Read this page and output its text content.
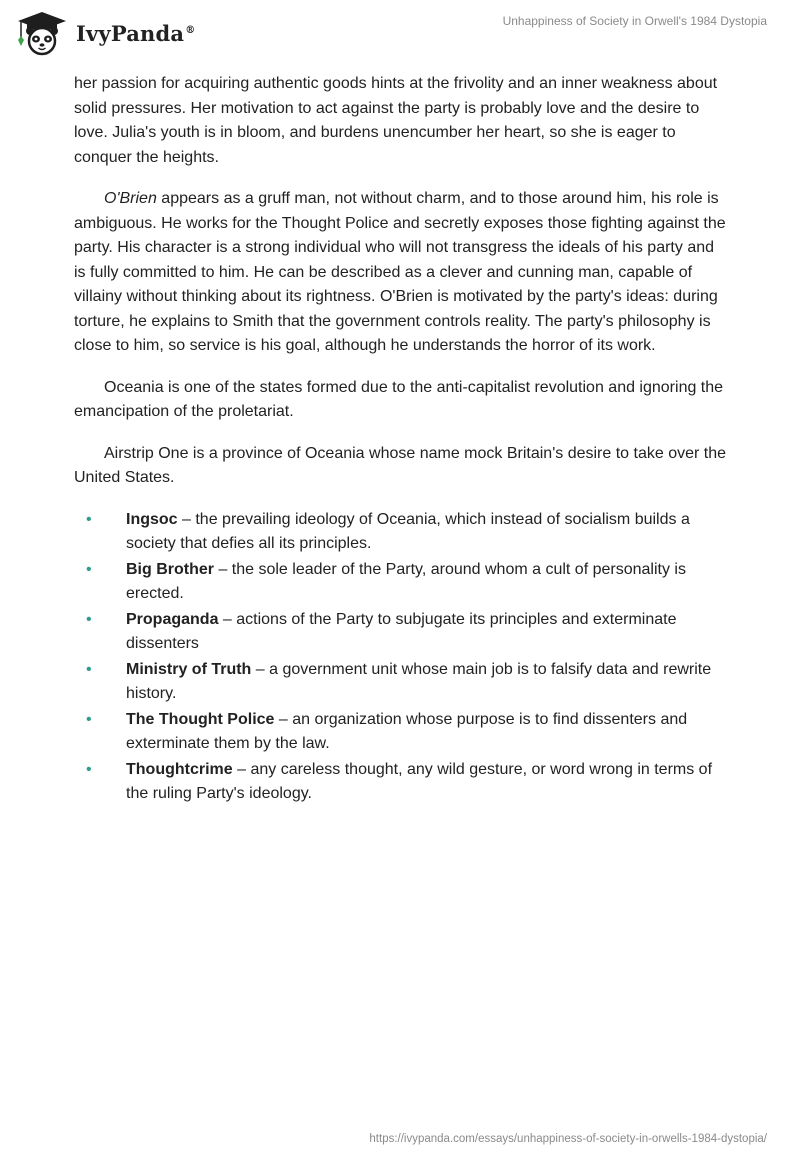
IvyPanda®
Unhappiness of Society in Orwell's 1984 Dystopia

her passion for acquiring authentic goods hints at the frivolity and an inner weakness about solid pressures. Her motivation to act against the party is probably love and the desire to love. Julia's youth is in bloom, and burdens unencumber her heart, so she is eager to conquer the heights.

O'Brien appears as a gruff man, not without charm, and to those around him, his role is ambiguous. He works for the Thought Police and secretly exposes those fighting against the party. His character is a strong individual who will not transgress the ideals of his party and is fully committed to him. He can be described as a clever and cunning man, capable of villainy without thinking about its rightness. O'Brien is motivated by the party's ideas: during torture, he explains to Smith that the government controls reality. The party's philosophy is close to him, so service is his goal, although he understands the horror of its work.

Oceania is one of the states formed due to the anti-capitalist revolution and ignoring the emancipation of the proletariat.

Airstrip One is a province of Oceania whose name mock Britain's desire to take over the United States.

• Ingsoc – the prevailing ideology of Oceania, which instead of socialism builds a society that defies all its principles.
• Big Brother – the sole leader of the Party, around whom a cult of personality is erected.
• Propaganda – actions of the Party to subjugate its principles and exterminate dissenters
• Ministry of Truth – a government unit whose main job is to falsify data and rewrite history.
• The Thought Police – an organization whose purpose is to find dissenters and exterminate them by the law.
• Thoughtcrime – any careless thought, any wild gesture, or word wrong in terms of the ruling Party's ideology.
https://ivypanda.com/essays/unhappiness-of-society-in-orwells-1984-dystopia/
